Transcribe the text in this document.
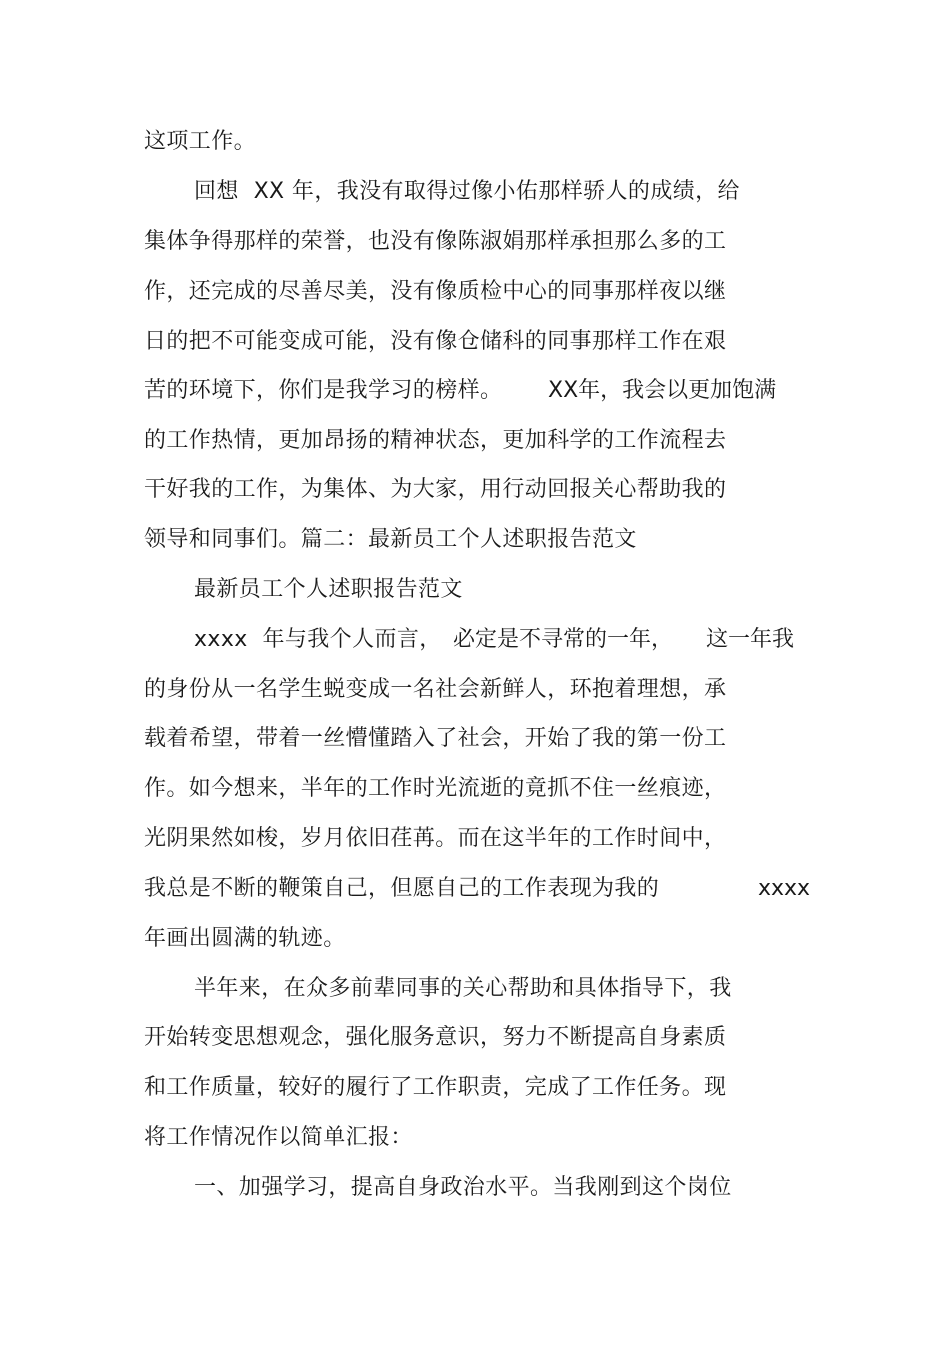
这项工作。
回想  XX 年，我没有取得过像小佑那样骄人的成绩，给
集体争得那样的荣誉，也没有像陈淑娟那样承担那么多的工
作，还完成的尽善尽美，没有像质检中心的同事那样夜以继
日的把不可能变成可能，没有像仓储科的同事那样工作在艰
苦的环境下，你们是我学习的榜样。 XX年，我会以更加饱满
的工作热情，更加昂扬的精神状态，更加科学的工作流程去
干好我的工作，为集体、为大家，用行动回报关心帮助我的
领导和同事们。篇二：最新员工个人述职报告范文
最新员工个人述职报告范文
xxxx  年与我个人而言， 必定是不寻常的一年， 这一年我
的身份从一名学生蜕变成一名社会新鲜人，环抱着理想，承
载着希望，带着一丝懵懂踏入了社会，开始了我的第一份工
作。如今想来，半年的工作时光流逝的竟抓不住一丝痕迹，
光阴果然如梭，岁月依旧荏苒。而在这半年的工作时间中，
我总是不断的鞭策自己，但愿自己的工作表现为我的	xxxx
年画出圆满的轨迹。
半年来，在众多前辈同事的关心帮助和具体指导下，我
开始转变思想观念，强化服务意识，努力不断提高自身素质
和工作质量，较好的履行了工作职责，完成了工作任务。现
将工作情况作以简单汇报：
一、加强学习，提高自身政治水平。当我刚到这个岗位
